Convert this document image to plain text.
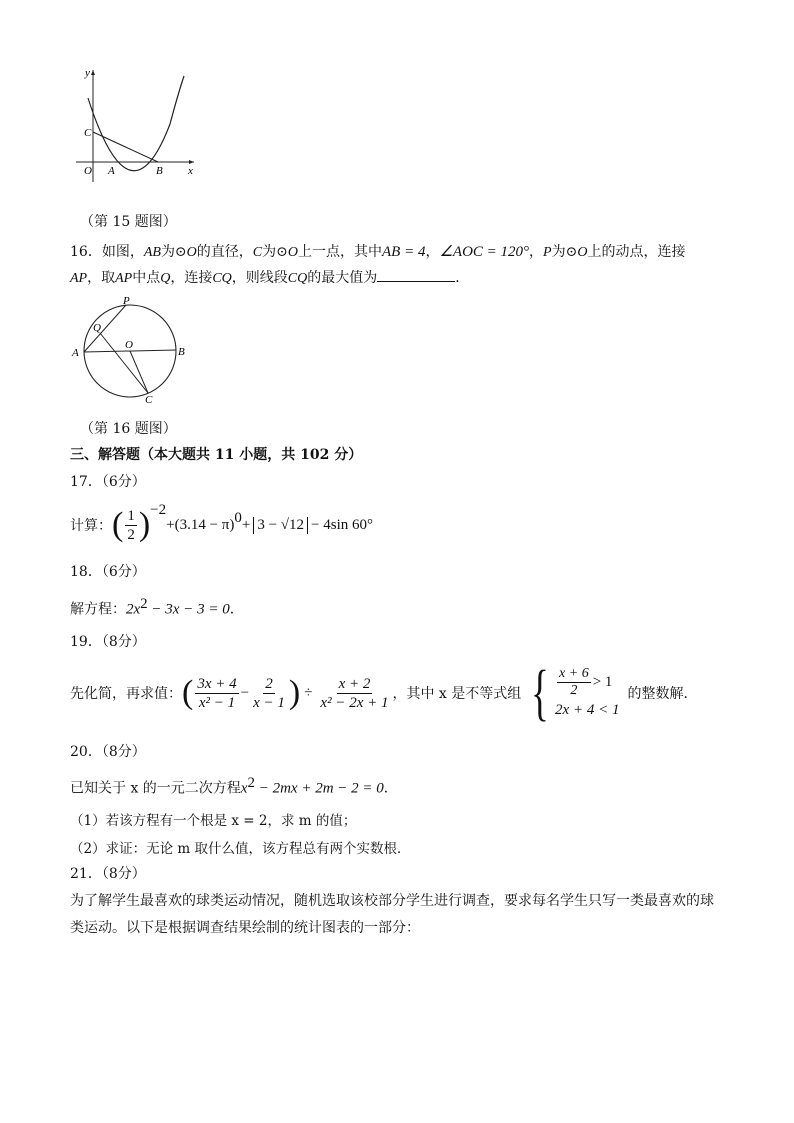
y
x
C
O A	B
（第 15 题图）
16．如图，AB为⊙O的直径，C为⊙O上一点，其中AB = 4，∠AOC = 120°，P为⊙O上的动点，连接
AP，取AP中点Q，连接CQ，则线段CQ的最大值为	．
P
Q
O
A	B
C
（第 16 题图）
三、解答题（本大题共 11 小题，共 102 分）
17．（6分）
计算： ( $\frac{1}{2}$ ) −2
+(3.14 − π) 0 + 3 − √12 − 4sin 60°
18．（6分）
解方程：$2x^2 - 3x - 3 = 0$．
19．（8分）
先化简，再求值： ( $\frac{3x + 4}{\text{x² − 1}} - \frac{2}{x - 1}$ ) ÷ $\frac{x + 2}{\text{x² − 2x + 1}}$ ，其中 x 是不等式组 { $\frac{x + 6}{2} > 1$
2x + 4 < 1
的整数解．
20．（8分）
已知关于 x 的一元二次方程$x^2 - 2mx + 2m - 2 = 0$．
（1）若该方程有一个根是 x = 2，求 m 的值；
（2）求证：无论 m 取什么值，该方程总有两个实数根．
21．（8分）
为了解学生最喜欢的球类运动情况，随机选取该校部分学生进行调查，要求每名学生只写一类最喜欢的球
类运动。以下是根据调查结果绘制的统计图表的一部分：
